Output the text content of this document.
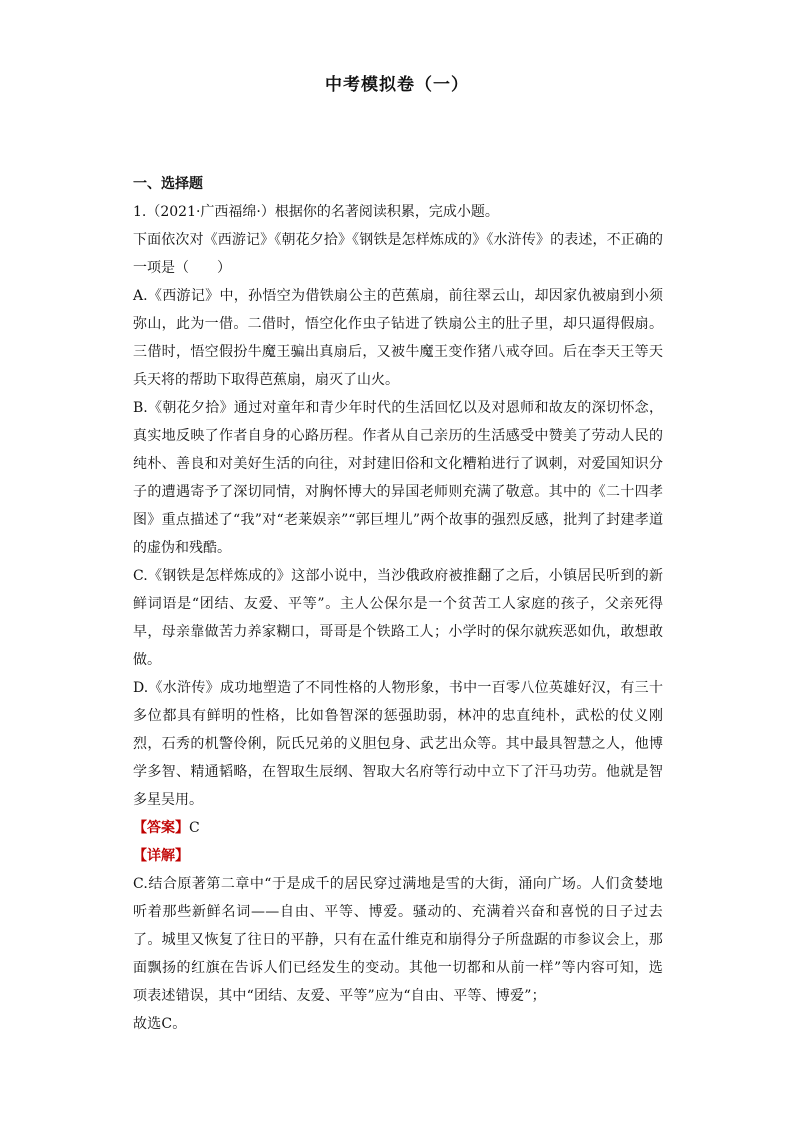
中考模拟卷（一）

一、选择题

1.（2021·广西福绵·）根据你的名著阅读积累，完成小题。

下面依次对《西游记》《朝花夕拾》《钢铁是怎样炼成的》《水浒传》的表述，不正确的一项是（　　）

A.《西游记》中，孙悟空为借铁扇公主的芭蕉扇，前往翠云山，却因家仇被扇到小须弥山，此为一借。二借时，悟空化作虫子钻进了铁扇公主的肚子里，却只逼得假扇。三借时，悟空假扮牛魔王骗出真扇后，又被牛魔王变作猪八戒夺回。后在李天王等天兵天将的帮助下取得芭蕉扇，扇灭了山火。

B.《朝花夕拾》通过对童年和青少年时代的生活回忆以及对恩师和故友的深切怀念，真实地反映了作者自身的心路历程。作者从自己亲历的生活感受中赞美了劳动人民的纯朴、善良和对美好生活的向往，对封建旧俗和文化糟粕进行了讽刺，对爱国知识分子的遭遇寄予了深切同情，对胸怀博大的异国老师则充满了敬意。其中的《二十四孝图》重点描述了“我”对“老莱娱亲”“郭巨埋儿”两个故事的强烈反感，批判了封建孝道的虚伪和残酷。

C.《钢铁是怎样炼成的》这部小说中，当沙俄政府被推翻了之后，小镇居民听到的新鲜词语是“团结、友爱、平等”。主人公保尔是一个贫苦工人家庭的孩子，父亲死得早，母亲靠做苦力养家糊口，哥哥是个铁路工人；小学时的保尔就疾恶如仇，敢想敢做。

D.《水浒传》成功地塑造了不同性格的人物形象，书中一百零八位英雄好汉，有三十多位都具有鲜明的性格，比如鲁智深的惩强助弱，林冲的忠直纯朴，武松的仗义刚烈，石秀的机警伶俐，阮氏兄弟的义胆包身、武艺出众等。其中最具智慧之人，他博学多智、精通韬略，在智取生辰纲、智取大名府等行动中立下了汗马功劳。他就是智多星吴用。

【答案】C

【详解】

C.结合原著第二章中“于是成千的居民穿过满地是雪的大街，涌向广场。人们贪婪地听着那些新鲜名词——自由、平等、博爱。骚动的、充满着兴奋和喜悦的日子过去了。城里又恢复了往日的平静，只有在孟什维克和崩得分子所盘踞的市参议会上，那面飘扬的红旗在告诉人们已经发生的变动。其他一切都和从前一样”等内容可知，选项表述错误，其中“团结、友爱、平等”应为“自由、平等、博爱”；

故选C。
